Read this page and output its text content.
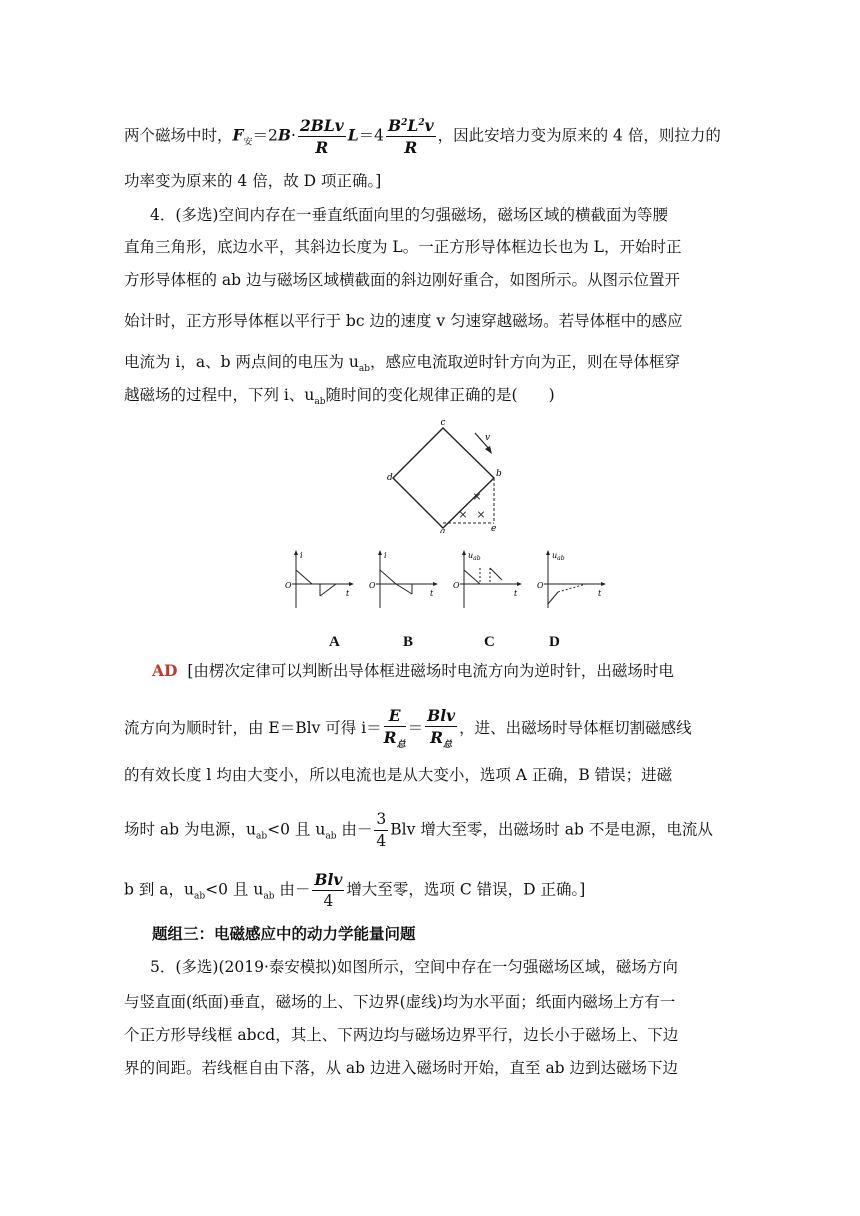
两个磁场中时，$F_安=2B\cdot \frac{\text{2BLv}}{R} L=4 \frac{B^2L^2v}{R}$ ，因此安培力变为原来的 4 倍，则拉力的
功率变为原来的 4 倍，故 D 项正确。]
4．(多选)空间内存在一垂直纸面向里的匀强磁场，磁场区域的横截面为等腰
直角三角形，底边水平，其斜边长度为 L。一正方形导体框边长也为 L，开始时正
方形导体框的 ab 边与磁场区域横截面的斜边刚好重合，如图所示。从图示位置开
始计时，正方形导体框以平行于 bc 边的速度 v 匀速穿越磁场。若导体框中的感应
电流为 i，a、b 两点间的电压为 $u_{ab}$，感应电流取逆时针方向为正，则在导体框穿
越磁场的过程中，下列 i、$u_{ab}$随时间的变化规律正确的是(　　)
×
× ×
c
v
d	b
a	e
i
O
t
i
O
t
$u_{ab}$
O
t
$u_{ab}$
O
t
A	B	C	D
AD [由楞次定律可以判断出导体框进磁场时电流方向为逆时针，出磁场时电
流方向为顺时针，由 E＝Blv 可得 $i= \frac{E}{R_总} = \frac{\text{Blv}}{R_总}$ ，进、出磁场时导体框切割磁感线
的有效长度 l 均由大变小，所以电流也是从大变小，选项 A 正确，B 错误；进磁
场时 ab 为电源，$u_{ab}<0$ 且 $u_{ab}$ 由－ $\frac{3}{4}$ Blv 增大至零，出磁场时 ab 不是电源，电流从
b 到 a，$u_{ab}<0$ 且 $u_{ab}$ 由－ $\frac{\text{Blv}}{4}$ 增大至零，选项 C 错误，D 正确。]
题组三：电磁感应中的动力学能量问题
5．(多选)(2019·泰安模拟)如图所示，空间中存在一匀强磁场区域，磁场方向
与竖直面(纸面)垂直，磁场的上、下边界(虚线)均为水平面；纸面内磁场上方有一
个正方形导线框 abcd，其上、下两边均与磁场边界平行，边长小于磁场上、下边
界的间距。若线框自由下落，从 ab 边进入磁场时开始，直至 ab 边到达磁场下边
